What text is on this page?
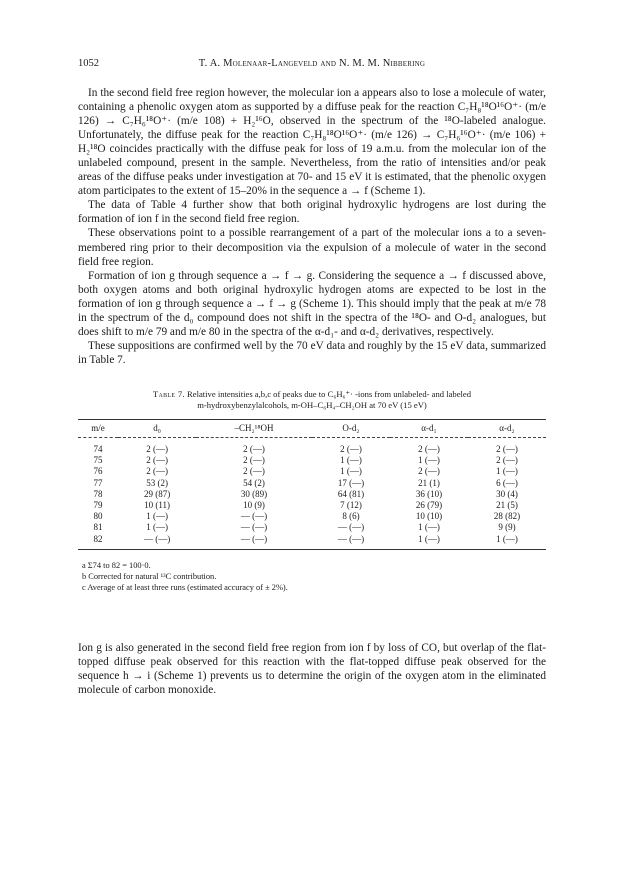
1052	T. A. Molenaar-Langeveld and N. M. M. Nibbering

In the second field free region however, the molecular ion a appears also to lose a molecule of water, containing a phenolic oxygen atom as supported by a diffuse peak for the reaction C₇H₈¹⁸O¹⁶O⁺· (m/e 126) → C₇H₆¹⁸O⁺· (m/e 108) + H₂¹⁶O, observed in the spectrum of the ¹⁸O-labeled analogue. Unfortunately, the diffuse peak for the reaction C₇H₈¹⁸O¹⁶O⁺· (m/e 126) → C₇H₆¹⁶O⁺· (m/e 106) + H₂¹⁸O coincides practically with the diffuse peak for loss of 19 a.m.u. from the molecular ion of the unlabeled compound, present in the sample. Nevertheless, from the ratio of intensities and/or peak areas of the diffuse peaks under investigation at 70- and 15 eV it is estimated, that the phenolic oxygen atom participates to the extent of 15–20% in the sequence a → f (Scheme 1).

The data of Table 4 further show that both original hydroxylic hydrogens are lost during the formation of ion f in the second field free region.

These observations point to a possible rearrangement of a part of the molecular ions a to a seven-membered ring prior to their decomposition via the expulsion of a molecule of water in the second field free region.

Formation of ion g through sequence a → f → g. Considering the sequence a → f discussed above, both oxygen atoms and both original hydroxylic hydrogen atoms are expected to be lost in the formation of ion g through sequence a → f → g (Scheme 1). This should imply that the peak at m/e 78 in the spectrum of the d₀ compound does not shift in the spectra of the ¹⁸O- and O-d₂ analogues, but does shift to m/e 79 and m/e 80 in the spectra of the α-d₁- and α-d₂ derivatives, respectively.

These suppositions are confirmed well by the 70 eV data and roughly by the 15 eV data, summarized in Table 7.

Table 7. Relative intensities a,b,c of peaks due to C₆H₆⁺· -ions from unlabeled- and labeled
m-hydroxybenzylalcohols, m-OH–C₆H₄–CH₂OH at 70 eV (15 eV)
m/e	d₀	–CH₂¹⁸OH	O-d₂	α-d₁	α-d₂
74	2 (—)	2 (—)	2 (—)	2 (—)	2 (—)
75	2 (—)	2 (—)	1 (—)	1 (—)	2 (—)
76	2 (—)	2 (—)	1 (—)	2 (—)	1 (—)
77	53 (2)	54 (2)	17 (—)	21 (1)	6 (—)
78	29 (87)	30 (89)	64 (81)	36 (10)	30 (4)
79	10 (11)	10 (9)	7 (12)	26 (79)	21 (5)
80	1 (—)	— (—)	8 (6)	10 (10)	28 (82)
81	1 (—)	— (—)	— (—)	1 (—)	9 (9)
82	— (—)	— (—)	— (—)	1 (—)	1 (—)
a Σ74 to 82 = 100·0.
b Corrected for natural ¹³C contribution.
c Average of at least three runs (estimated accuracy of ± 2%).

Ion g is also generated in the second field free region from ion f by loss of CO, but overlap of the flat-topped diffuse peak observed for this reaction with the flat-topped diffuse peak observed for the sequence h → i (Scheme 1) prevents us to determine the origin of the oxygen atom in the eliminated molecule of carbon monoxide.
